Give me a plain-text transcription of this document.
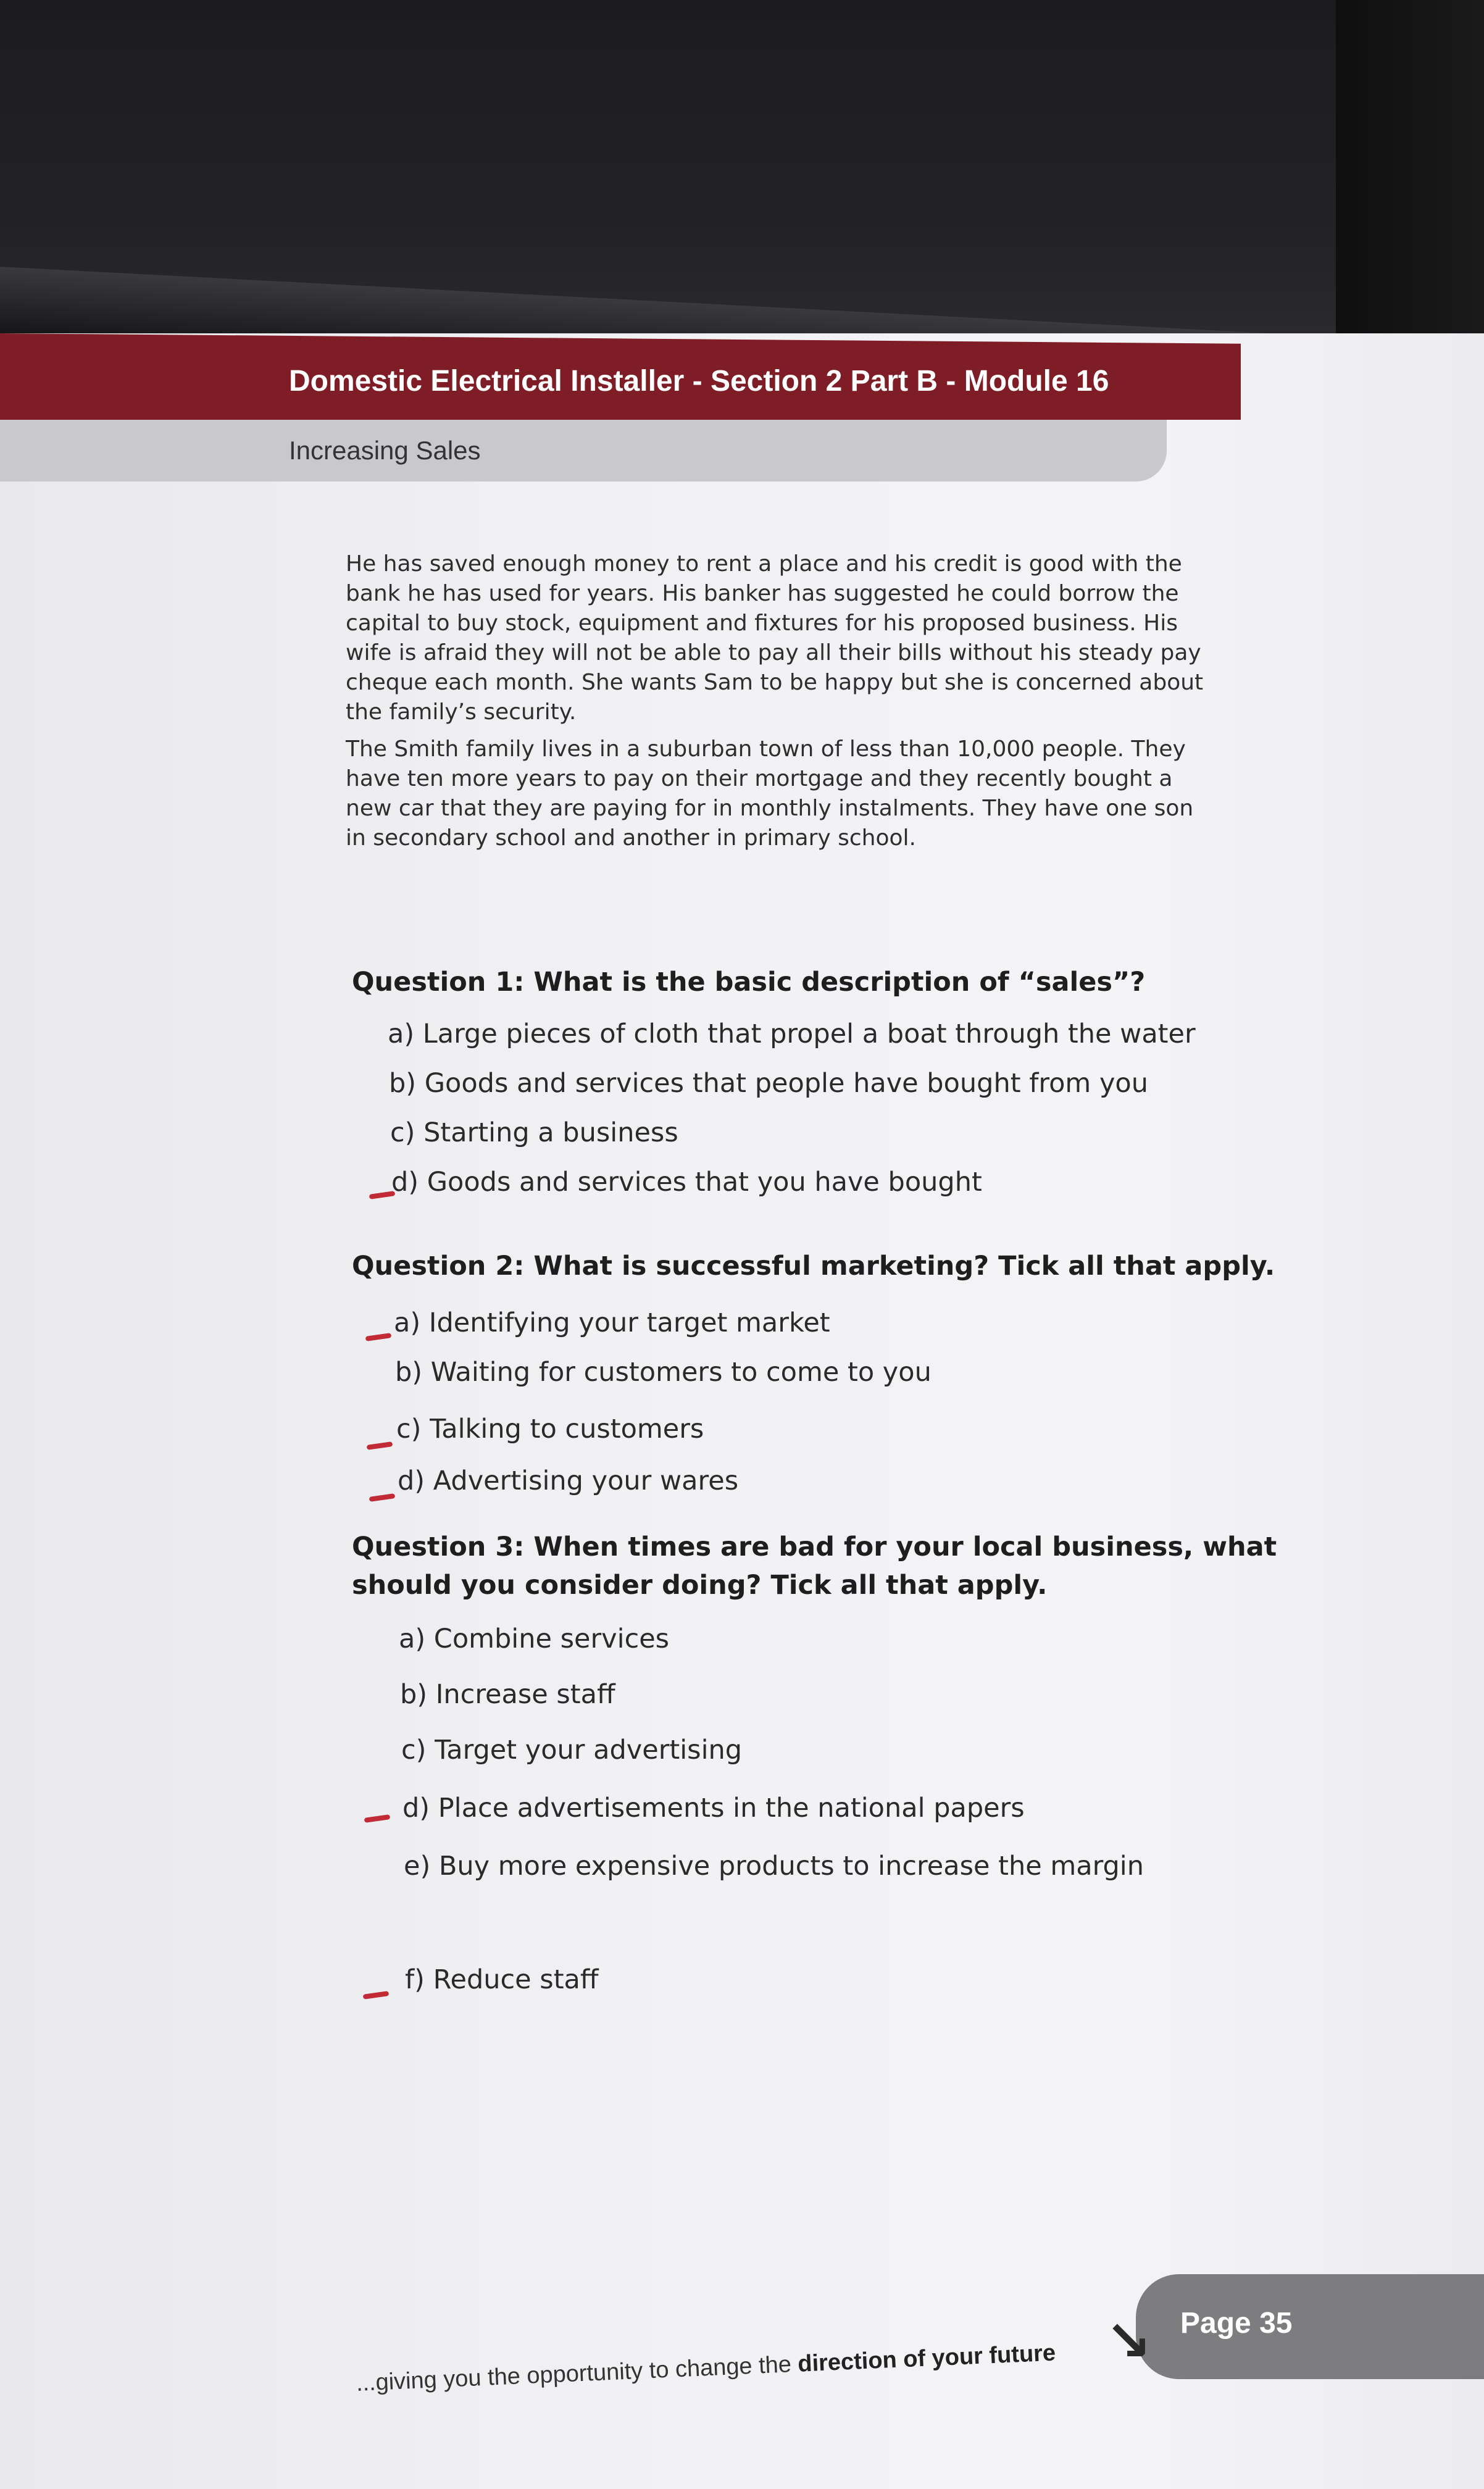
Domestic Electrical Installer - Section 2 Part B - Module 16
Increasing Sales
He has saved enough money to rent a place and his credit is good with the bank he has used for years. His banker has suggested he could borrow the capital to buy stock, equipment and fixtures for his proposed business. His wife is afraid they will not be able to pay all their bills without his steady pay cheque each month. She wants Sam to be happy but she is concerned about the family’s security.
The Smith family lives in a suburban town of less than 10,000 people. They have ten more years to pay on their mortgage and they recently bought a new car that they are paying for in monthly instalments. They have one son in secondary school and another in primary school.
Question 1: What is the basic description of “sales”?
a) Large pieces of cloth that propel a boat through the water
b) Goods and services that people have bought from you
c) Starting a business
d) Goods and services that you have bought
Question 2: What is successful marketing? Tick all that apply.
a) Identifying your target market
b) Waiting for customers to come to you
c) Talking to customers
d) Advertising your wares
Question 3: When times are bad for your local business, what should you consider doing? Tick all that apply.
a) Combine services
b) Increase staff
c) Target your advertising
d) Place advertisements in the national papers
e) Buy more expensive products to increase the margin
f) Reduce staff
↘ Page 35
...giving you the opportunity to change the direction of your future
